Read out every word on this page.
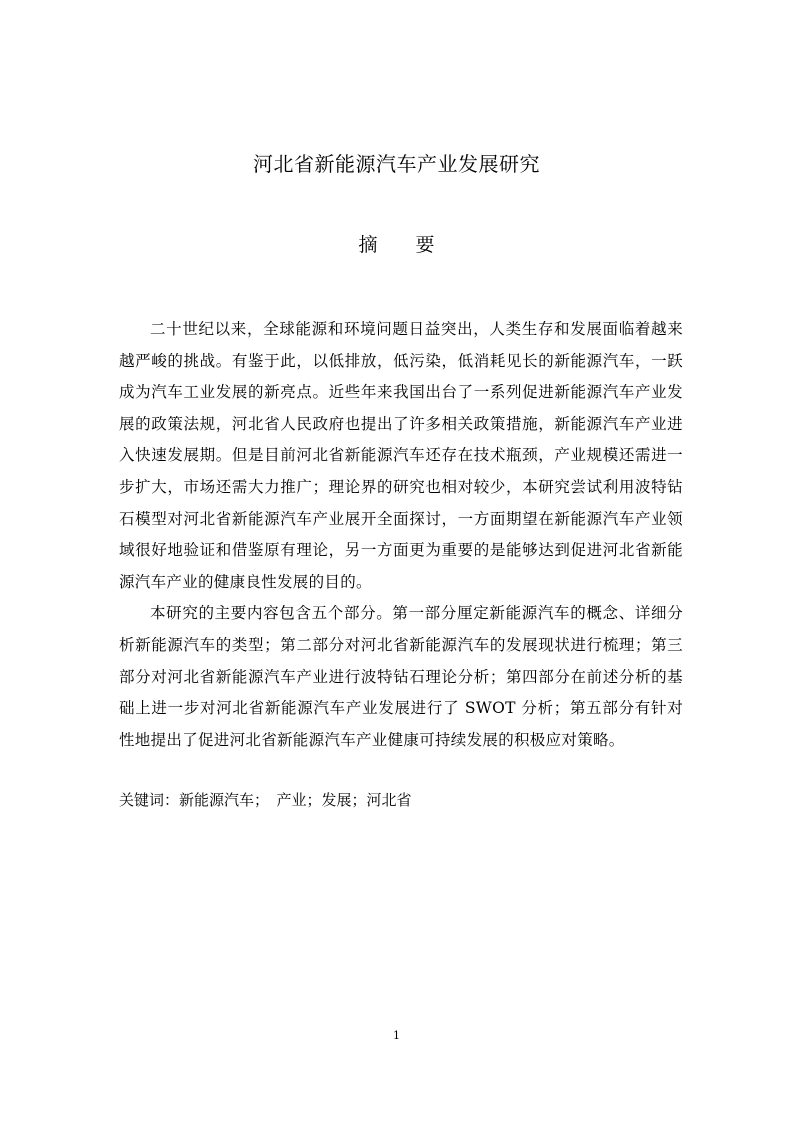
河北省新能源汽车产业发展研究
摘要

二十世纪以来，全球能源和环境问题日益突出，人类生存和发展面临着越来越严峻的挑战。有鉴于此，以低排放，低污染，低消耗见长的新能源汽车，一跃成为汽车工业发展的新亮点。近些年来我国出台了一系列促进新能源汽车产业发展的政策法规，河北省人民政府也提出了许多相关政策措施，新能源汽车产业进入快速发展期。但是目前河北省新能源汽车还存在技术瓶颈，产业规模还需进一步扩大，市场还需大力推广；理论界的研究也相对较少，本研究尝试利用波特钻石模型对河北省新能源汽车产业展开全面探讨，一方面期望在新能源汽车产业领域很好地验证和借鉴原有理论，另一方面更为重要的是能够达到促进河北省新能源汽车产业的健康良性发展的目的。

本研究的主要内容包含五个部分。第一部分厘定新能源汽车的概念、详细分析新能源汽车的类型；第二部分对河北省新能源汽车的发展现状进行梳理；第三部分对河北省新能源汽车产业进行波特钻石理论分析；第四部分在前述分析的基础上进一步对河北省新能源汽车产业发展进行了 SWOT 分析；第五部分有针对性地提出了促进河北省新能源汽车产业健康可持续发展的积极应对策略。

关键词：新能源汽车；　产业；发展；河北省
1
